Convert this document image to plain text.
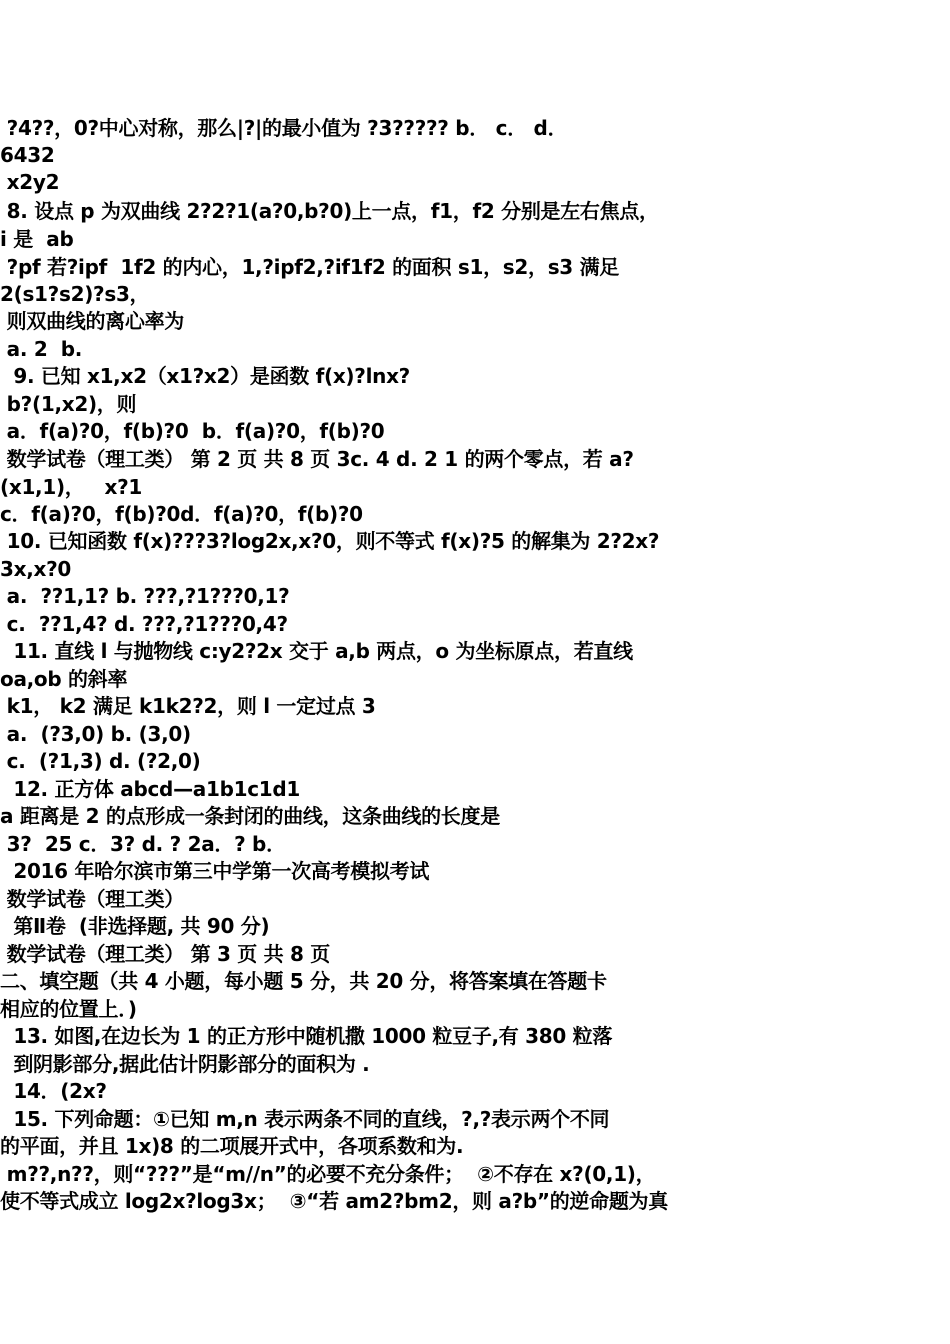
?4??，0?中心对称，那么|?|的最小值为 ?3????? b． c． d．
6432
x2y2
8. 设点 p 为双曲线 2?2?1(a?0,b?0)上一点，f1，f2 分别是左右焦点，
i 是  ab
?pf 若?ipf  1f2 的内心，1,?ipf2,?if1f2 的面积 s1，s2，s3 满足
2(s1?s2)?s3，
则双曲线的离心率为
a. 2  b.
9. 已知 x1,x2（x1?x2）是函数 f(x)?lnx?
b?(1,x2)，则
a．f(a)?0，f(b)?0  b．f(a)?0，f(b)?0
数学试卷（理工类） 第 2 页 共 8 页 3c. 4 d. 2 1 的两个零点，若 a?
(x1,1)，   x?1
c．f(a)?0，f(b)?0d．f(a)?0，f(b)?0
10. 已知函数 f(x)???3?log2x,x?0，则不等式 f(x)?5 的解集为 2?2x?
3x,x?0
a.  ??1,1? b. ???,?1???0,1?
c.  ??1,4? d. ???,?1???0,4?
11. 直线 l 与抛物线 c:y2?2x 交于 a,b 两点，o 为坐标原点，若直线
oa,ob 的斜率
k1， k2 满足 k1k2?2，则 l 一定过点 3
a.  (?3,0) b. (3,0)
c.  (?1,3) d. (?2,0)
12. 正方体 abcd—a1b1c1d1
a 距离是 2 的点形成一条封闭的曲线，这条曲线的长度是
3?  25 c．3? d. ? 2a．? b．
2016 年哈尔滨市第三中学第一次高考模拟考试
数学试卷（理工类）
第Ⅱ卷  (非选择题, 共 90 分)
数学试卷（理工类） 第 3 页 共 8 页
二、填空题（共 4 小题，每小题 5 分，共 20 分，将答案填在答题卡
相应的位置上．)
13. 如图,在边长为 1 的正方形中随机撒 1000 粒豆子,有 380 粒落
到阴影部分,据此估计阴影部分的面积为 .
14．(2x?
15. 下列命题：①已知 m,n 表示两条不同的直线，?,?表示两个不同
的平面，并且 1x)8 的二项展开式中，各项系数和为.
m??,n??，则“???”是“m//n”的必要不充分条件；  ②不存在 x?(0,1)，
使不等式成立 log2x?log3x；  ③“若 am2?bm2，则 a?b”的逆命题为真
